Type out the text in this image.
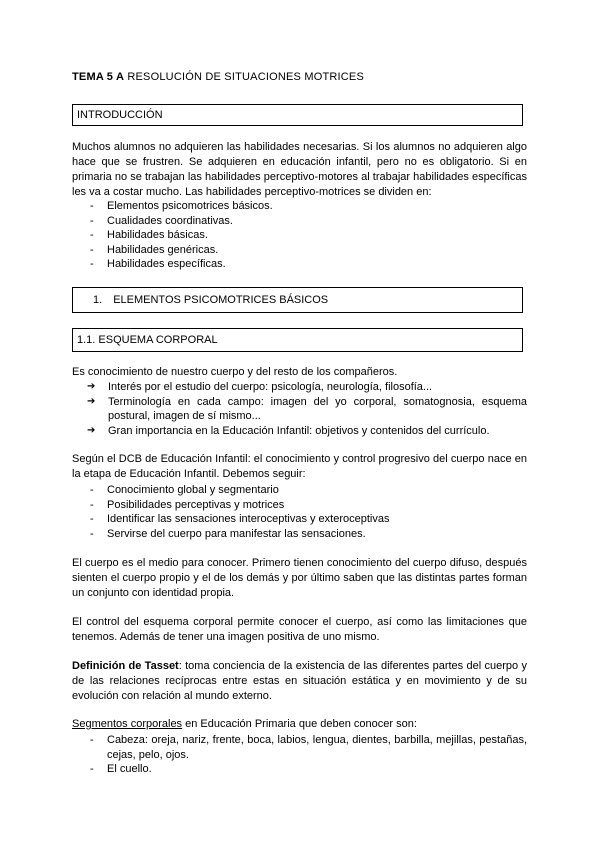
TEMA 5 A RESOLUCIÓN DE SITUACIONES MOTRICES
INTRODUCCIÓN

Muchos alumnos no adquieren las habilidades necesarias. Si los alumnos no adquieren algo hace que se frustren. Se adquieren en educación infantil, pero no es obligatorio. Si en primaria no se trabajan las habilidades perceptivo-motores al trabajar habilidades específicas les va a costar mucho. Las habilidades perceptivo-motrices se dividen en:

- Elementos psicomotrices básicos.
- Cualidades coordinativas.
- Habilidades básicas.
- Habilidades genéricas.
- Habilidades específicas.
1. ELEMENTOS PSICOMOTRICES BÁSICOS
1.1. ESQUEMA CORPORAL

Es conocimiento de nuestro cuerpo y del resto de los compañeros.

➔ Interés por el estudio del cuerpo: psicología, neurología, filosofía...
➔ Terminología en cada campo: imagen del yo corporal, somatognosia, esquema postural, imagen de sí mismo...
➔ Gran importancia en la Educación Infantil: objetivos y contenidos del currículo.

Según el DCB de Educación Infantil: el conocimiento y control progresivo del cuerpo nace en la etapa de Educación Infantil. Debemos seguir:

- Conocimiento global y segmentario
- Posibilidades perceptivas y motrices
- Identificar las sensaciones interoceptivas y exteroceptivas
- Servirse del cuerpo para manifestar las sensaciones.

El cuerpo es el medio para conocer. Primero tienen conocimiento del cuerpo difuso, después sienten el cuerpo propio y el de los demás y por último saben que las distintas partes forman un conjunto con identidad propia.

El control del esquema corporal permite conocer el cuerpo, así como las limitaciones que tenemos. Además de tener una imagen positiva de uno mismo.

Definición de Tasset: toma conciencia de la existencia de las diferentes partes del cuerpo y de las relaciones recíprocas entre estas en situación estática y en movimiento y de su evolución con relación al mundo externo.

Segmentos corporales en Educación Primaria que deben conocer son:

- Cabeza: oreja, nariz, frente, boca, labios, lengua, dientes, barbilla, mejillas, pestañas, cejas, pelo, ojos.
- El cuello.
